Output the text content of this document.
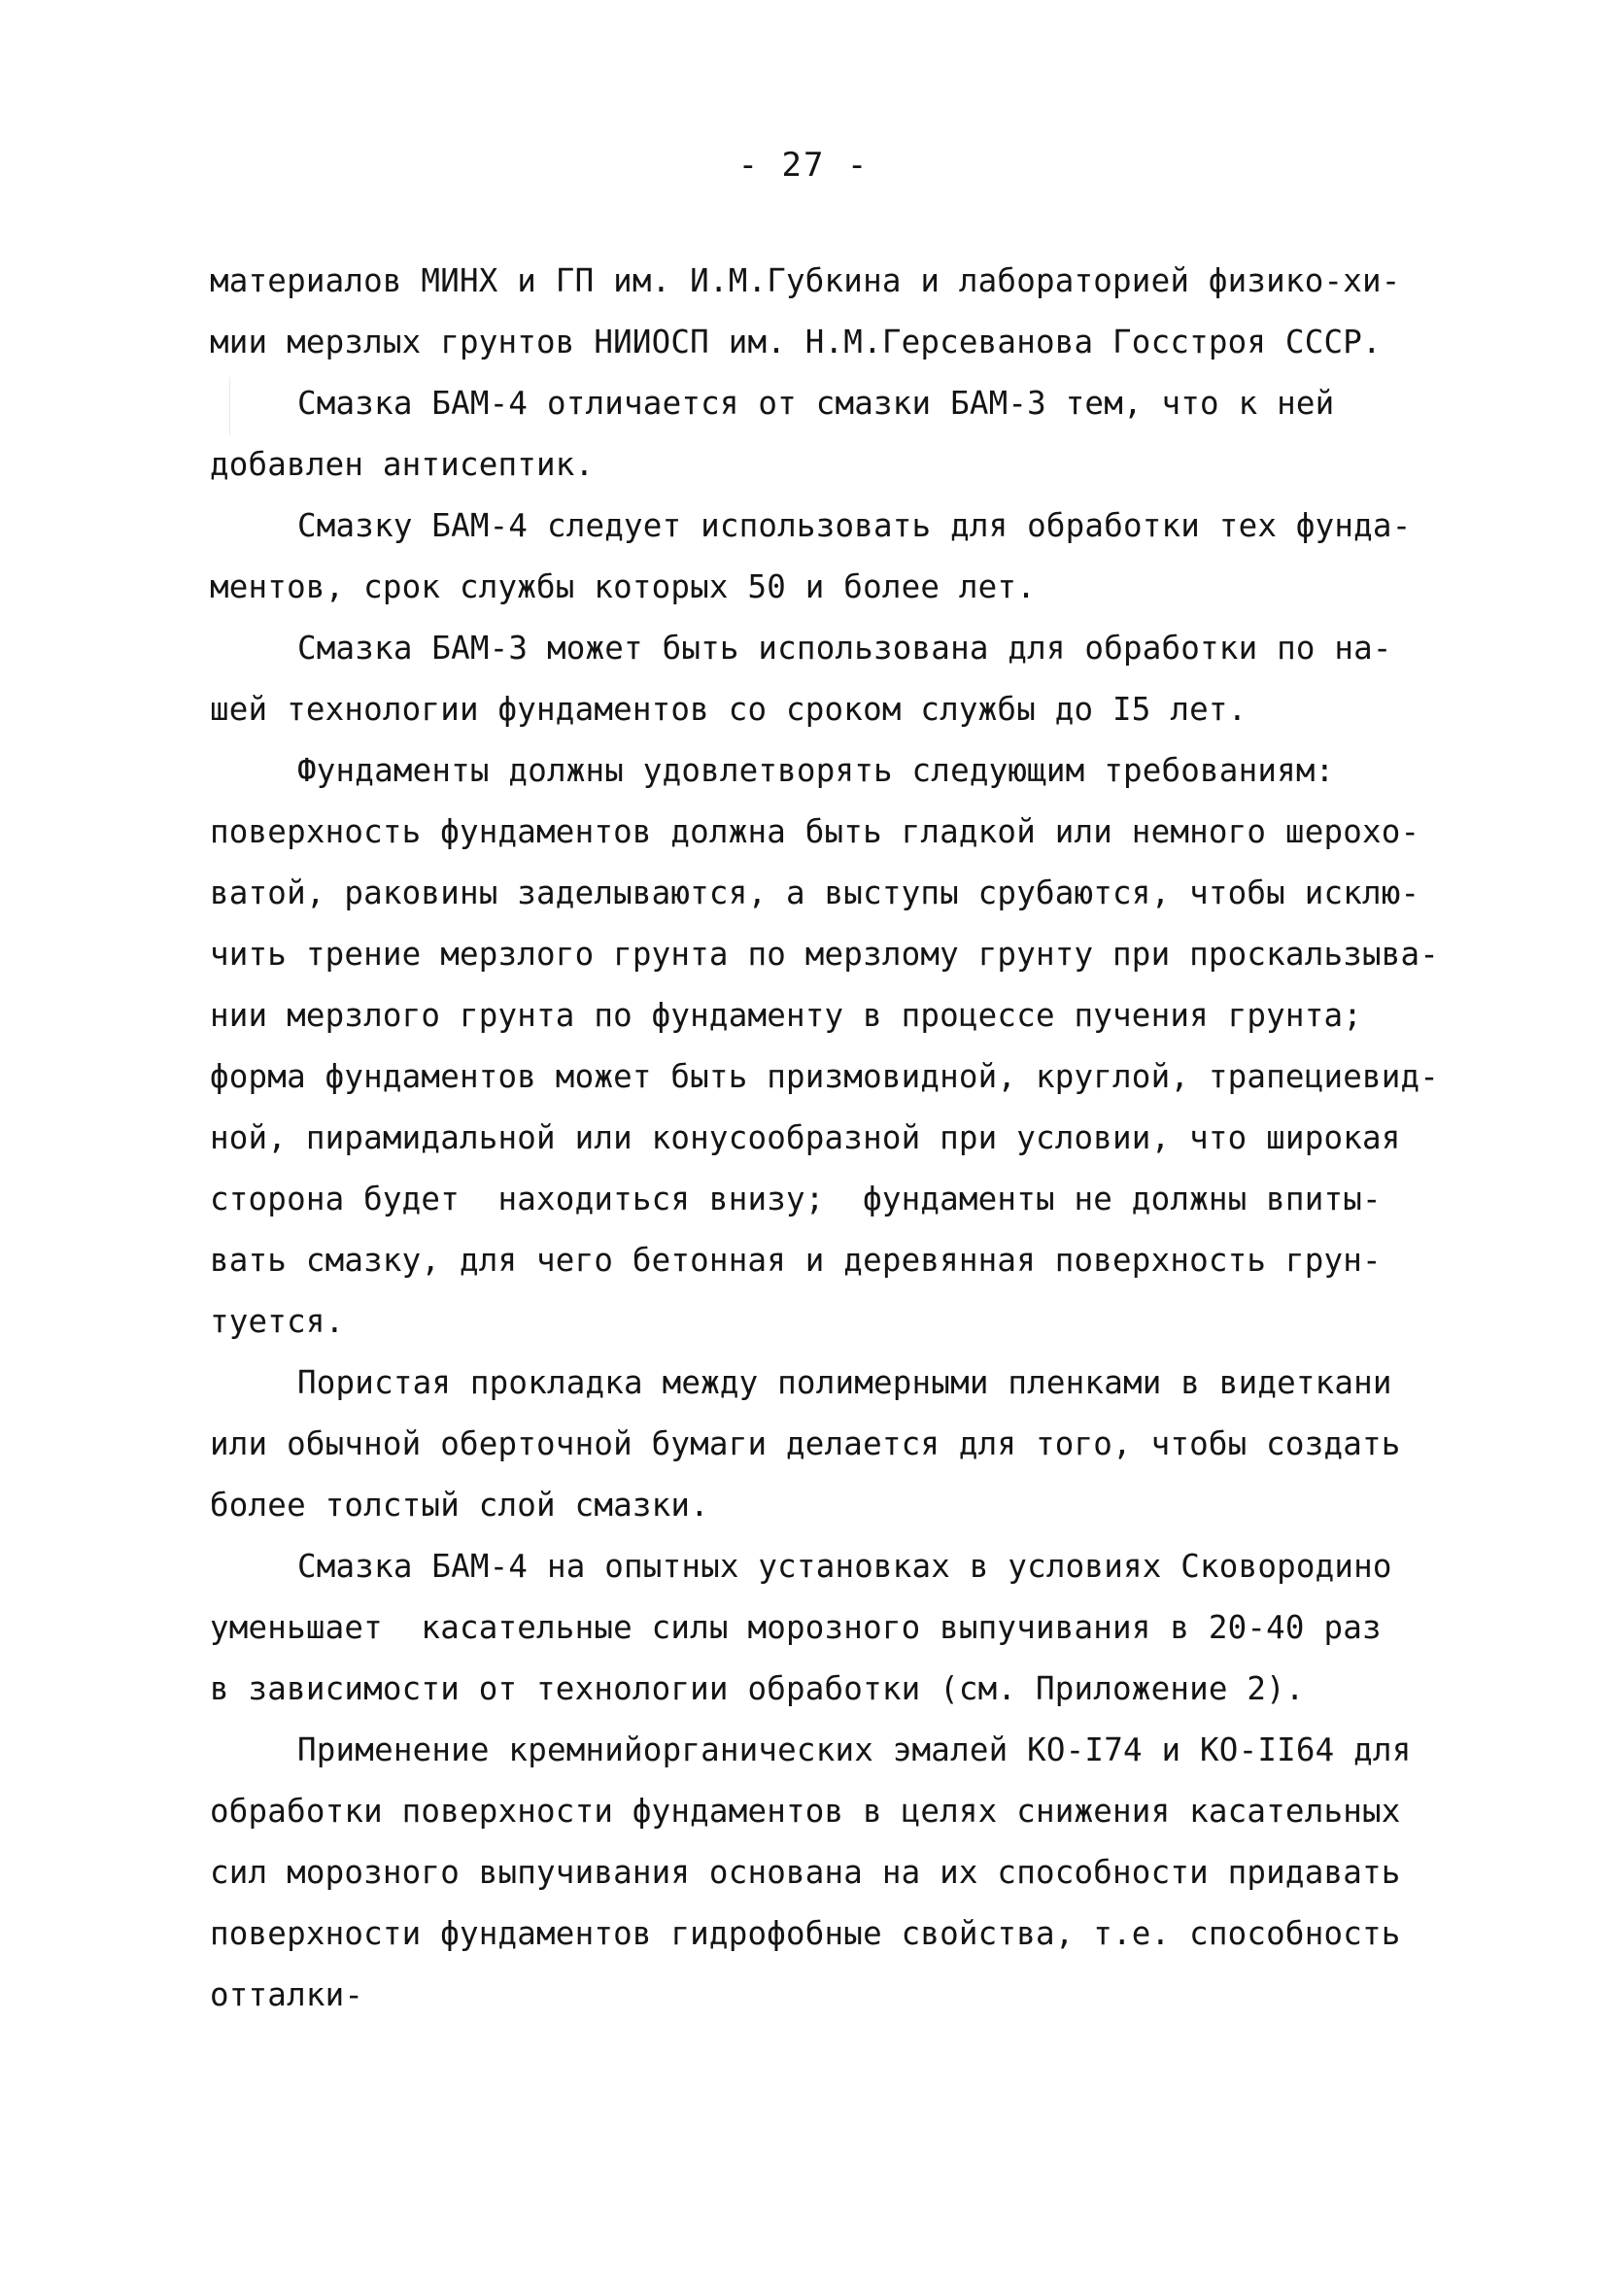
- 27 -
материалов МИНХ и ГП им. И.М.Губкина и лабораторией физико-хи-
мии мерзлых грунтов НИИОСП им. Н.М.Герсеванова Госстроя СССР.
Смазка БАМ-4 отличается от смазки БАМ-3 тем, что к ней
добавлен антисептик.
Смазку БАМ-4 следует использовать для обработки тех фунда-
ментов, срок службы которых 50 и более лет.
Смазка БАМ-3 может быть использована для обработки по на-
шей технологии фундаментов со сроком службы до I5 лет.
Фундаменты должны удовлетворять следующим требованиям:
поверхность фундаментов должна быть гладкой или немного шерохо-
ватой, раковины заделываются, а выступы срубаются, чтобы исклю-
чить трение мерзлого грунта по мерзлому грунту при проскальзыва-
нии мерзлого грунта по фундаменту в процессе пучения грунта;
форма фундаментов может быть призмовидной, круглой, трапециевид-
ной, пирамидальной или конусообразной при условии, что широкая
сторона будет  находиться внизу;  фундаменты не должны впиты-
вать смазку, для чего бетонная и деревянная поверхность грун-
туется.
Пористая прокладка между полимерными пленками в видеткани
или обычной оберточной бумаги делается для того, чтобы создать
более толстый слой смазки.
Смазка БАМ-4 на опытных установках в условиях Сковородино
уменьшает  касательные силы морозного выпучивания в 20-40 раз
в зависимости от технологии обработки (см. Приложение 2).
Применение кремнийорганических эмалей КО-I74 и КО-II64 для
обработки поверхности фундаментов в целях снижения касательных
сил морозного выпучивания основана на их способности придавать
поверхности фундаментов гидрофобные свойства, т.е. способность
отталки-
